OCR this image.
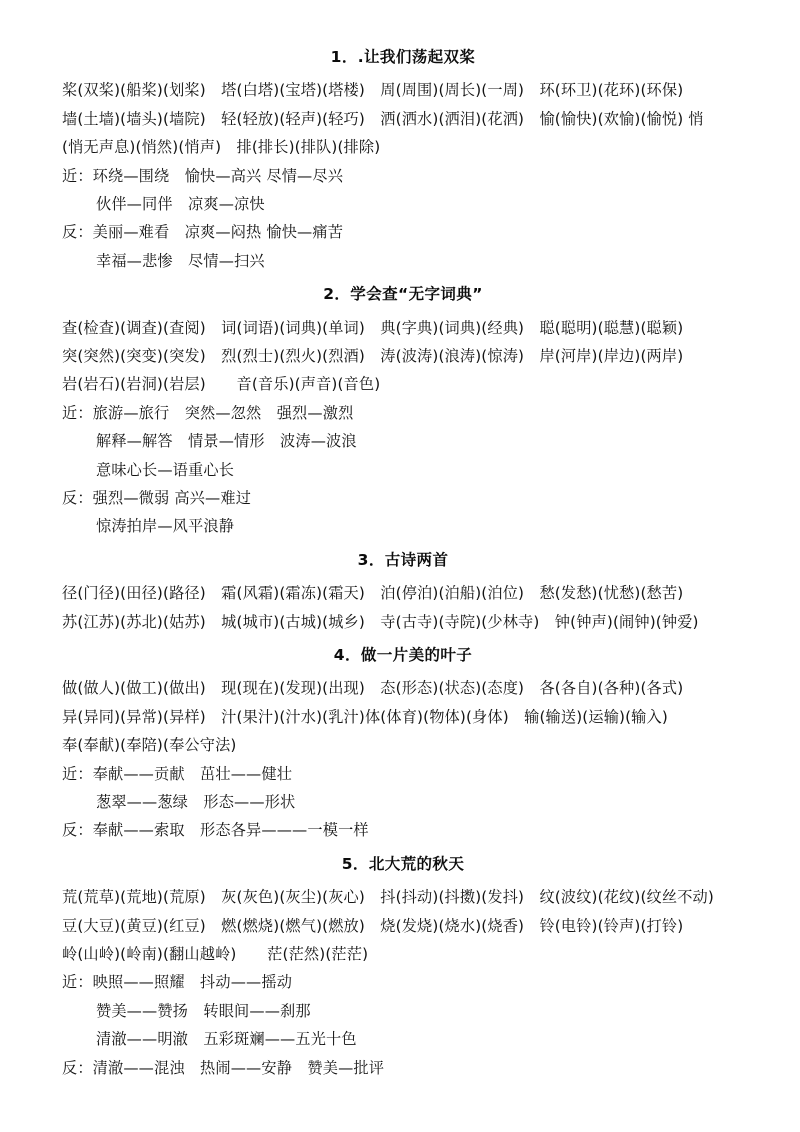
1．.让我们荡起双桨
桨(双桨)(船桨)(划桨)　塔(白塔)(宝塔)(塔楼)　周(周围)(周长)(一周)　环(环卫)(花环)(环保)
墙(土墙)(墙头)(墙院)　轻(轻放)(轻声)(轻巧)　洒(洒水)(洒泪)(花洒)　愉(愉快)(欢愉)(愉悦) 悄
(悄无声息)(悄然)(悄声)　排(排长)(排队)(排除)
近：环绕—围绕　愉快—高兴 尽情—尽兴
伙伴—同伴　凉爽—凉快
反：美丽—难看　凉爽—闷热 愉快—痛苦
幸福—悲惨　尽情—扫兴
2．学会查“无字词典”
查(检查)(调查)(查阅)　词(词语)(词典)(单词)　典(字典)(词典)(经典)　聪(聪明)(聪慧)(聪颖)
突(突然)(突变)(突发)　烈(烈士)(烈火)(烈酒)　涛(波涛)(浪涛)(惊涛)　岸(河岸)(岸边)(两岸)
岩(岩石)(岩洞)(岩层)　　音(音乐)(声音)(音色)
近：旅游—旅行　突然—忽然　强烈—激烈
解释—解答　情景—情形　波涛—波浪
意味心长—语重心长
反：强烈—微弱 高兴—难过
惊涛拍岸—风平浪静
3．古诗两首
径(门径)(田径)(路径)　霜(风霜)(霜冻)(霜天)　泊(停泊)(泊船)(泊位)　愁(发愁)(忧愁)(愁苦)
苏(江苏)(苏北)(姑苏)　城(城市)(古城)(城乡)　寺(古寺)(寺院)(少林寺)　钟(钟声)(闹钟)(钟爱)
4．做一片美的叶子
做(做人)(做工)(做出)　现(现在)(发现)(出现)　态(形态)(状态)(态度)　各(各自)(各种)(各式)
异(异同)(异常)(异样)　汁(果汁)(汁水)(乳汁)体(体育)(物体)(身体)　输(输送)(运输)(输入)
奉(奉献)(奉陪)(奉公守法)
近：奉献——贡献　茁壮——健壮
葱翠——葱绿　形态——形状
反：奉献——索取　形态各异———一模一样
5．北大荒的秋天
荒(荒草)(荒地)(荒原)　灰(灰色)(灰尘)(灰心)　抖(抖动)(抖擞)(发抖)　纹(波纹)(花纹)(纹丝不动)
豆(大豆)(黄豆)(红豆)　燃(燃烧)(燃气)(燃放)　烧(发烧)(烧水)(烧香)　铃(电铃)(铃声)(打铃)
岭(山岭)(岭南)(翻山越岭)　　茫(茫然)(茫茫)
近：映照——照耀　抖动——摇动
赞美——赞扬　转眼间——刹那
清澈——明澈　五彩斑斓——五光十色
反：清澈——混浊　热闹——安静　赞美—批评
